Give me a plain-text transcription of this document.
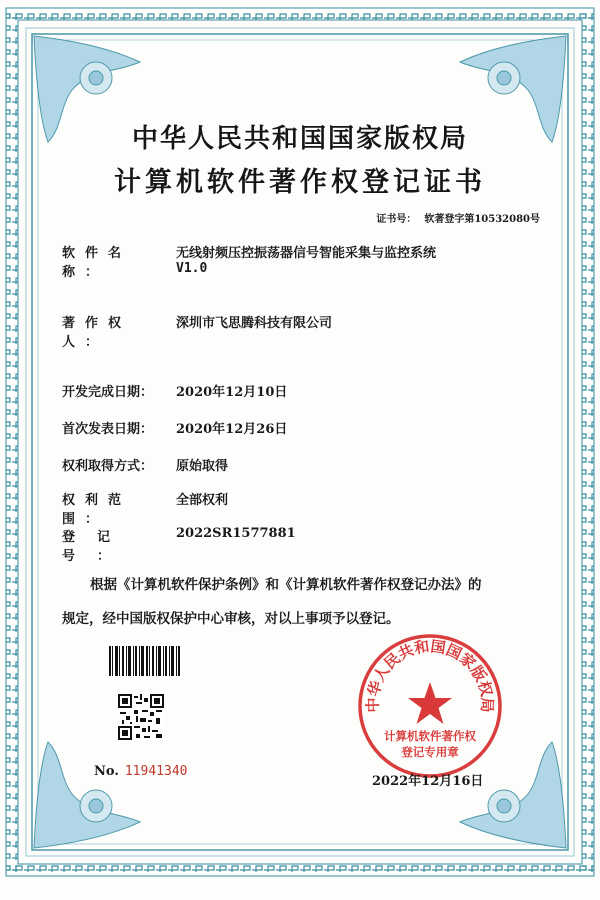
中华人民共和国国家版权局
计算机软件著作权登记证书
证书号： 软著登字第10532080号
软件名称：无线射频压控振荡器信号智能采集与监控系统
V1.0
著作权人：深圳市飞思腾科技有限公司
开发完成日期： 2020年12月10日
首次发表日期： 2020年12月26日
权利取得方式： 原始取得
权利范围：全部权利
登记号：2022SR1577881
根据《计算机软件保护条例》和《计算机软件著作权登记办法》的
规定，经中国版权保护中心审核，对以上事项予以登记。
No. 11941340
中华人民共和国国家版权局
计算机软件著作权
登记专用章
2022年12月16日
